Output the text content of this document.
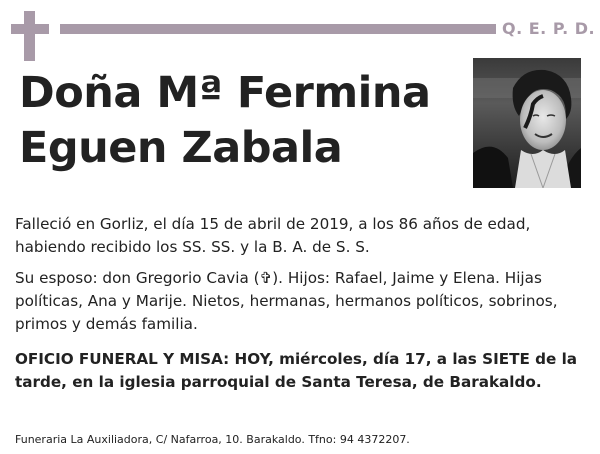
Q. E. P. D.
Doña Mª Fermina
Eguen Zabala
Falleció en Gorliz, el día 15 de abril de 2019, a los 86 años de edad, habiendo recibido los SS. SS. y la B. A. de S. S.
Su esposo: don Gregorio Cavia (✞). Hijos: Rafael, Jaime y Elena. Hijas políticas, Ana y Marije. Nietos, hermanas, hermanos políticos, sobrinos, primos y demás familia.
OFICIO FUNERAL Y MISA: HOY, miércoles, día 17, a las SIETE de la tarde, en la iglesia parroquial de Santa Teresa, de Barakaldo.
Funeraria La Auxiliadora, C/ Nafarroa, 10. Barakaldo. Tfno: 94 4372207.
